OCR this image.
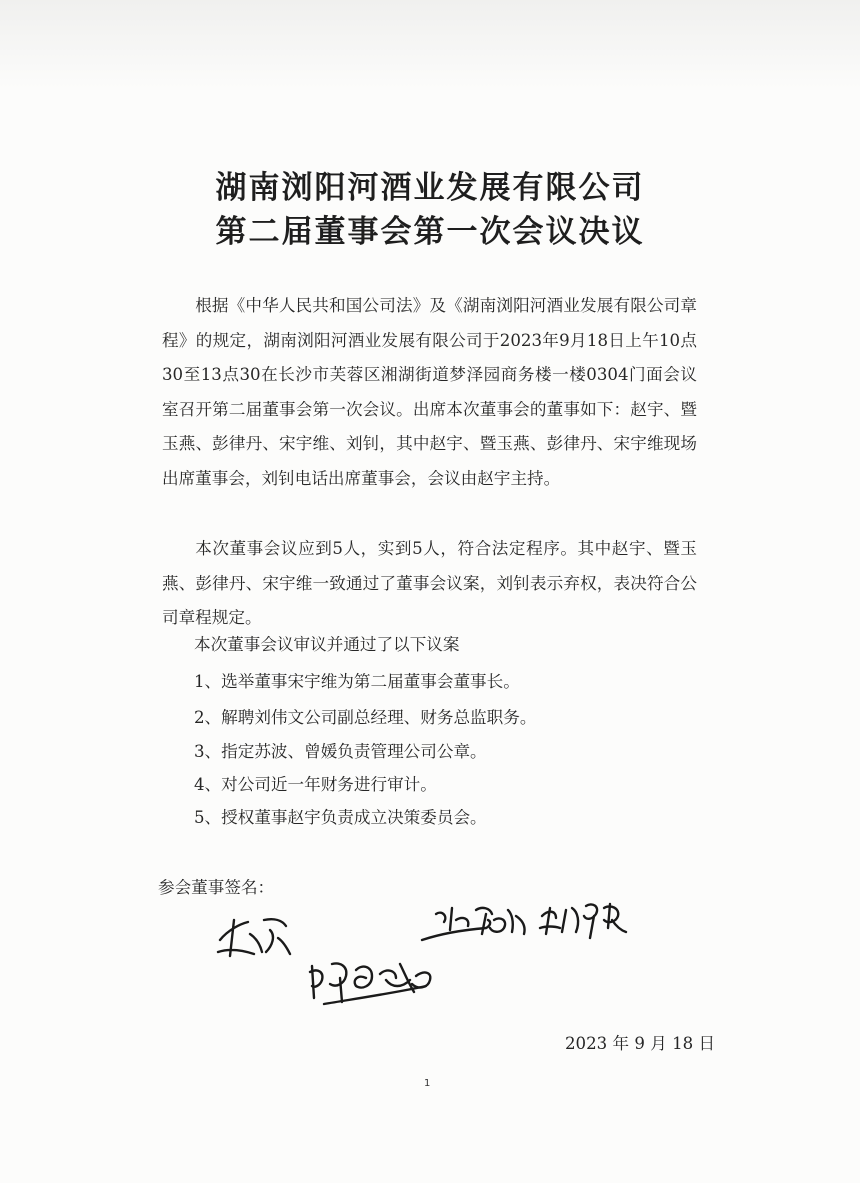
湖南浏阳河酒业发展有限公司
第二届董事会第一次会议决议
根据《中华人民共和国公司法》及《湖南浏阳河酒业发展有限公司章程》的规定，湖南浏阳河酒业发展有限公司于2023年9月18日上午10点30至13点30在长沙市芙蓉区湘湖街道梦泽园商务楼一楼0304门面会议室召开第二届董事会第一次会议。出席本次董事会的董事如下：赵宇、暨玉燕、彭律丹、宋宇维、刘钊，其中赵宇、暨玉燕、彭律丹、宋宇维现场出席董事会，刘钊电话出席董事会，会议由赵宇主持。
本次董事会议应到5人，实到5人，符合法定程序。其中赵宇、暨玉燕、彭律丹、宋宇维一致通过了董事会议案，刘钊表示弃权，表决符合公司章程规定。
本次董事会议审议并通过了以下议案
1、选举董事宋宇维为第二届董事会董事长。
2、解聘刘伟文公司副总经理、财务总监职务。
3、指定苏波、曾媛负责管理公司公章。
4、对公司近一年财务进行审计。
5、授权董事赵宇负责成立决策委员会。
参会董事签名：
2023 年 9 月 18 日
1
